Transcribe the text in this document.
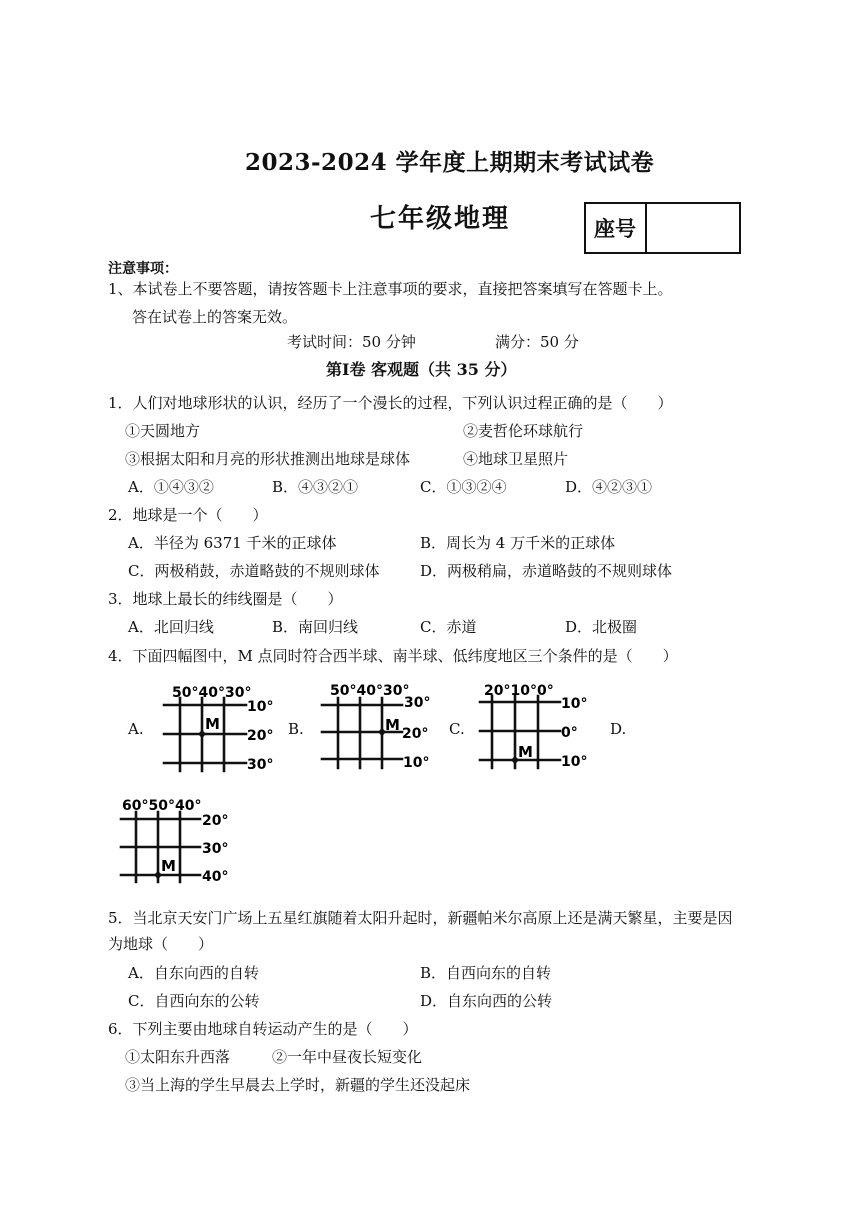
2023-2024 学年度上期期末考试试卷
七年级地理	座号
注意事项：
1、本试卷上不要答题，请按答题卡上注意事项的要求，直接把答案填写在答题卡上。
答在试卷上的答案无效。
考试时间：50 分钟	满分：50 分
第Ⅰ卷 客观题（共 35 分）
1．人们对地球形状的认识，经历了一个漫长的过程，下列认识过程正确的是（　　）
①天圆地方	②麦哲伦环球航行
③根据太阳和月亮的形状推测出地球是球体	④地球卫星照片
A．①④③②	B．④③②①	C．①③②④	D．④②③①
2．地球是一个（　　）
A．半径为 6371 千米的正球体	B．周长为 4 万千米的正球体
C．两极稍鼓，赤道略鼓的不规则球体	D．两极稍扁，赤道略鼓的不规则球体
3．地球上最长的纬线圈是（　　）
A．北回归线	B．南回归线	C．赤道	D．北极圈
4．下面四幅图中，M 点同时符合西半球、南半球、低纬度地区三个条件的是（　　）
A.	B.	C.	D.
50°40°30°
10°
20°
30°
M
50°40°30°
30°
20°
10°
M
20°10°0°
10°
0°
10°
M
60°50°40°
20°
30°
40°
M
5．当北京天安门广场上五星红旗随着太阳升起时，新疆帕米尔高原上还是满天繁星，主要是因
为地球（　　）
A．自东向西的自转	B．自西向东的自转
C．自西向东的公转	D．自东向西的公转
6．下列主要由地球自转运动产生的是（　　）
①太阳东升西落	②一年中昼夜长短变化
③当上海的学生早晨去上学时，新疆的学生还没起床
